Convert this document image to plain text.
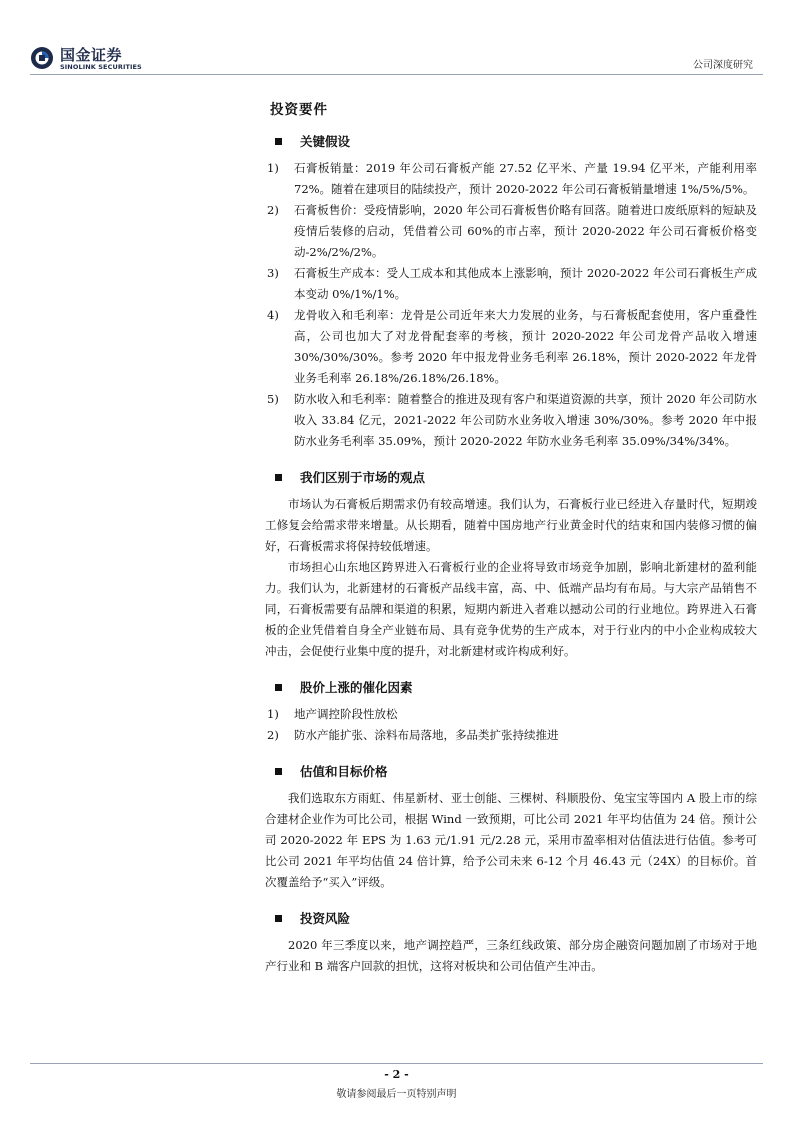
国金证券
SINOLINK SECURITIES	公司深度研究
投资要件
关键假设
1) 石膏板销量：2019 年公司石膏板产能 27.52 亿平米、产量 19.94 亿平米，产能利用率 72%。随着在建项目的陆续投产，预计 2020-2022 年公司石膏板销量增速 1%/5%/5%。
2) 石膏板售价：受疫情影响，2020 年公司石膏板售价略有回落。随着进口废纸原料的短缺及疫情后装修的启动，凭借着公司 60%的市占率，预计 2020-2022 年公司石膏板价格变动-2%/2%/2%。
3) 石膏板生产成本：受人工成本和其他成本上涨影响，预计 2020-2022 年公司石膏板生产成本变动 0%/1%/1%。
4) 龙骨收入和毛利率：龙骨是公司近年来大力发展的业务，与石膏板配套使用，客户重叠性高，公司也加大了对龙骨配套率的考核，预计 2020-2022 年公司龙骨产品收入增速 30%/30%/30%。参考 2020 年中报龙骨业务毛利率 26.18%，预计 2020-2022 年龙骨业务毛利率 26.18%/26.18%/26.18%。
5) 防水收入和毛利率：随着整合的推进及现有客户和渠道资源的共享，预计 2020 年公司防水收入 33.84 亿元，2021-2022 年公司防水业务收入增速 30%/30%。参考 2020 年中报防水业务毛利率 35.09%，预计 2020-2022 年防水业务毛利率 35.09%/34%/34%。
我们区别于市场的观点

市场认为石膏板后期需求仍有较高增速。我们认为，石膏板行业已经进入存量时代，短期竣工修复会给需求带来增量。从长期看，随着中国房地产行业黄金时代的结束和国内装修习惯的偏好，石膏板需求将保持较低增速。

市场担心山东地区跨界进入石膏板行业的企业将导致市场竞争加剧，影响北新建材的盈利能力。我们认为，北新建材的石膏板产品线丰富，高、中、低端产品均有布局。与大宗产品销售不同，石膏板需要有品牌和渠道的积累，短期内新进入者难以撼动公司的行业地位。跨界进入石膏板的企业凭借着自身全产业链布局、具有竞争优势的生产成本，对于行业内的中小企业构成较大冲击，会促使行业集中度的提升，对北新建材或许构成利好。

股价上涨的催化因素
1) 地产调控阶段性放松
2) 防水产能扩张、涂料布局落地，多品类扩张持续推进
估值和目标价格

我们选取东方雨虹、伟星新材、亚士创能、三棵树、科顺股份、兔宝宝等国内 A 股上市的综合建材企业作为可比公司，根据 Wind 一致预期，可比公司 2021 年平均估值为 24 倍。预计公司 2020-2022 年 EPS 为 1.63 元/1.91 元/2.28 元，采用市盈率相对估值法进行估值。参考可比公司 2021 年平均估值 24 倍计算，给予公司未来 6-12 个月 46.43 元（24X）的目标价。首次覆盖给予“买入”评级。

投资风险

2020 年三季度以来，地产调控趋严，三条红线政策、部分房企融资问题加剧了市场对于地产行业和 B 端客户回款的担忧，这将对板块和公司估值产生冲击。

- 2 -
敬请参阅最后一页特别声明
